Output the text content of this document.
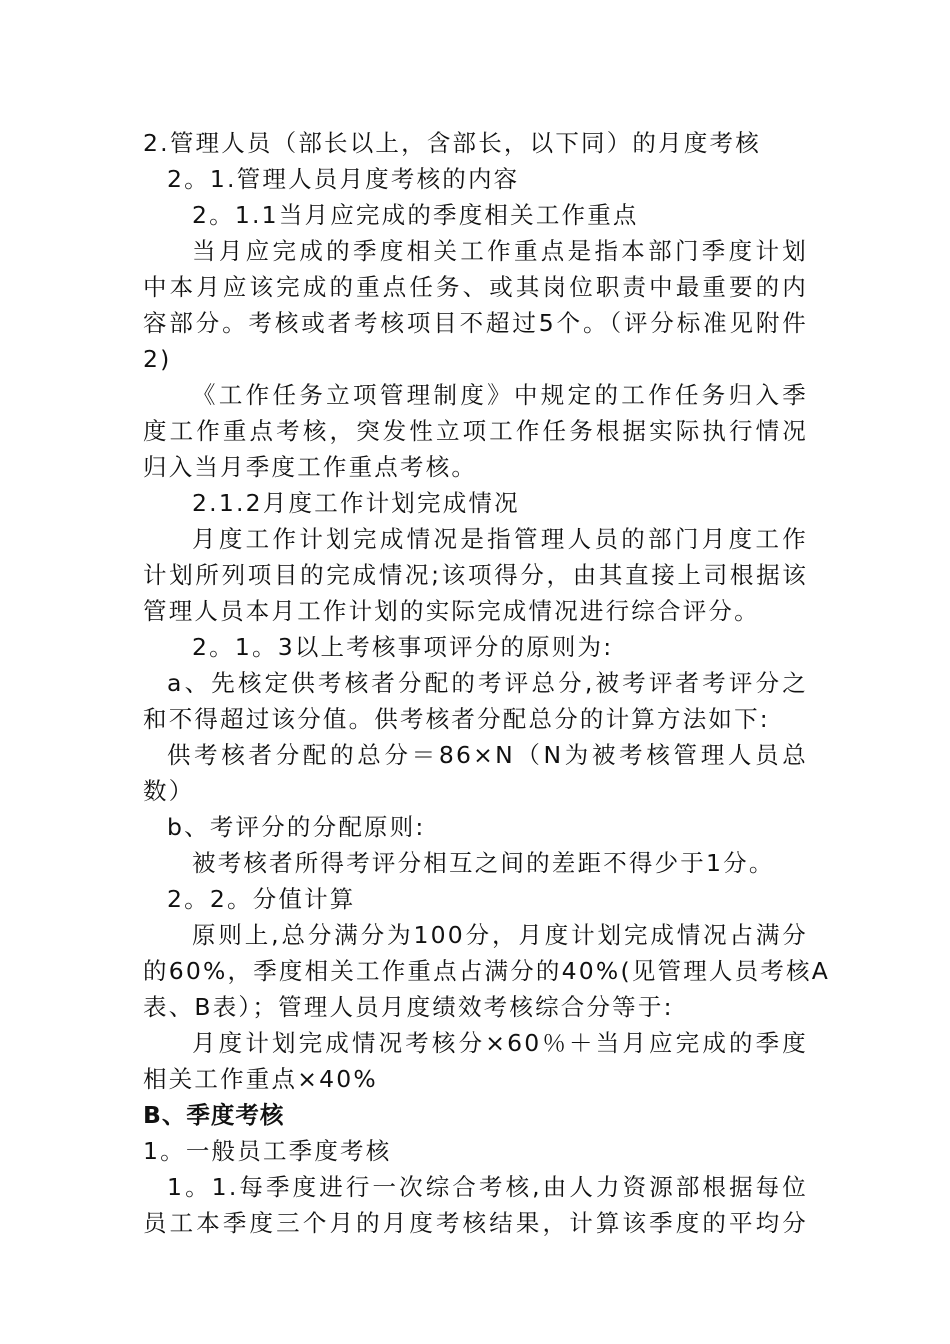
2.管理人员（部长以上，含部长，以下同）的月度考核
2。1.管理人员月度考核的内容
2。1.1当月应完成的季度相关工作重点
当月应完成的季度相关工作重点是指本部门季度计划
中本月应该完成的重点任务、或其岗位职责中最重要的内
容部分。考核或者考核项目不超过5个。（评分标准见附件
2)
《工作任务立项管理制度》中规定的工作任务归入季
度工作重点考核，突发性立项工作任务根据实际执行情况
归入当月季度工作重点考核。
2.1.2月度工作计划完成情况
月度工作计划完成情况是指管理人员的部门月度工作
计划所列项目的完成情况;该项得分，由其直接上司根据该
管理人员本月工作计划的实际完成情况进行综合评分。
2。1。3以上考核事项评分的原则为:
a、先核定供考核者分配的考评总分,被考评者考评分之
和不得超过该分值。供考核者分配总分的计算方法如下:
供考核者分配的总分＝86×N（N为被考核管理人员总
数）
b、考评分的分配原则:
被考核者所得考评分相互之间的差距不得少于1分。
2。2。分值计算
原则上,总分满分为100分，月度计划完成情况占满分
的60%，季度相关工作重点占满分的40%(见管理人员考核A
表、B表）；管理人员月度绩效考核综合分等于:
月度计划完成情况考核分×60％＋当月应完成的季度
相关工作重点×40%
B、季度考核
1。一般员工季度考核
1。1.每季度进行一次综合考核,由人力资源部根据每位
员工本季度三个月的月度考核结果，计算该季度的平均分
